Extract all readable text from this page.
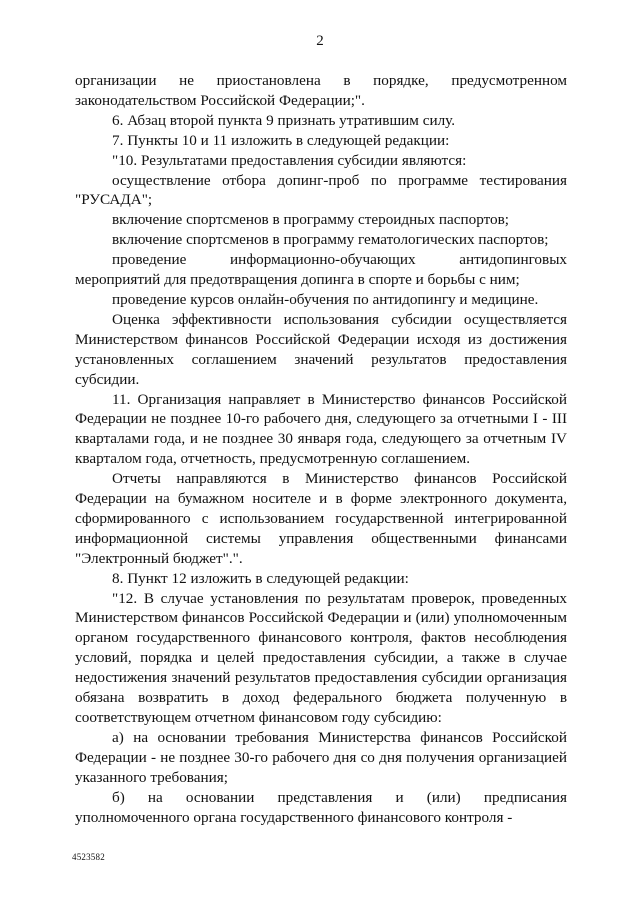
2

организации не приостановлена в порядке, предусмотренном законодательством Российской Федерации;".

6. Абзац второй пункта 9 признать утратившим силу.

7. Пункты 10 и 11 изложить в следующей редакции:

"10. Результатами предоставления субсидии являются:

осуществление отбора допинг-проб по программе тестирования "РУСАДА";

включение спортсменов в программу стероидных паспортов;

включение спортсменов в программу гематологических паспортов;

проведение информационно-обучающих антидопинговых мероприятий для предотвращения допинга в спорте и борьбы с ним;

проведение курсов онлайн-обучения по антидопингу и медицине.

Оценка эффективности использования субсидии осуществляется Министерством финансов Российской Федерации исходя из достижения установленных соглашением значений результатов предоставления субсидии.

11. Организация направляет в Министерство финансов Российской Федерации не позднее 10-го рабочего дня, следующего за отчетными I - III кварталами года, и не позднее 30 января года, следующего за отчетным IV кварталом года, отчетность, предусмотренную соглашением.

Отчеты направляются в Министерство финансов Российской Федерации на бумажном носителе и в форме электронного документа, сформированного с использованием государственной интегрированной информационной системы управления общественными финансами "Электронный бюджет".".

8. Пункт 12 изложить в следующей редакции:

"12. В случае установления по результатам проверок, проведенных Министерством финансов Российской Федерации и (или) уполномоченным органом государственного финансового контроля, фактов несоблюдения условий, порядка и целей предоставления субсидии, а также в случае недостижения значений результатов предоставления субсидии организация обязана возвратить в доход федерального бюджета полученную в соответствующем отчетном финансовом году субсидию:

а) на основании требования Министерства финансов Российской Федерации - не позднее 30-го рабочего дня со дня получения организацией указанного требования;

б) на основании представления и (или) предписания уполномоченного органа государственного финансового контроля -

4523582
